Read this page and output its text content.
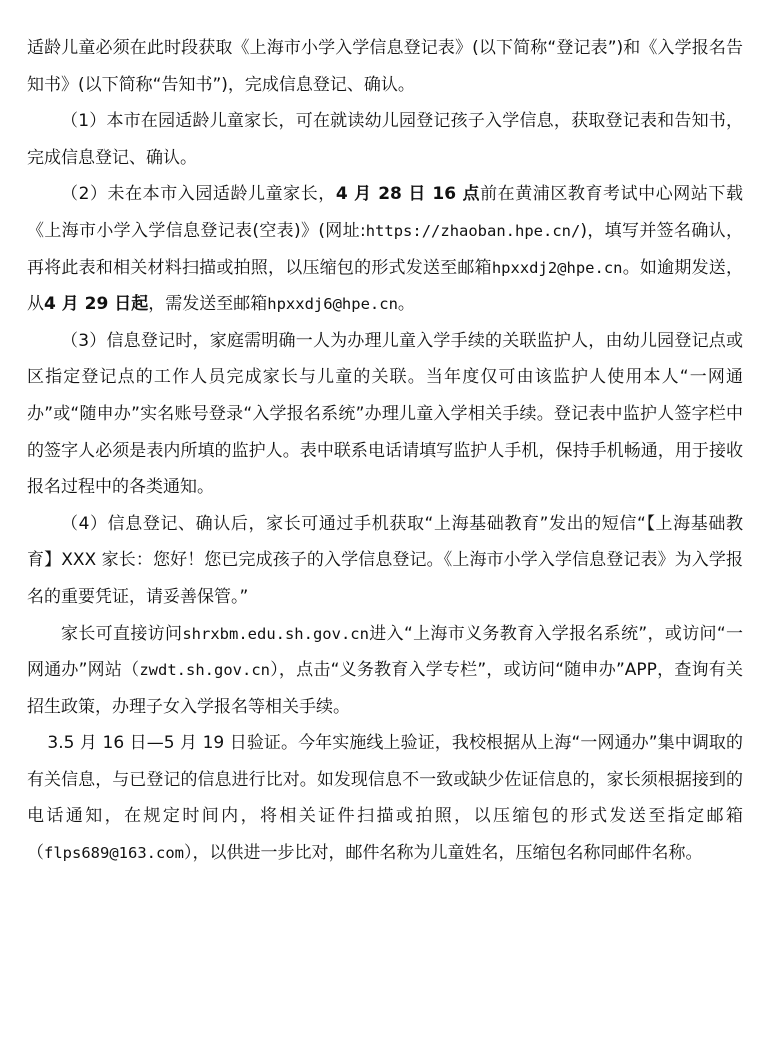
适龄儿童必须在此时段获取《上海市小学入学信息登记表》(以下简称“登记表”)和《入学报名告知书》(以下简称“告知书”)，完成信息登记、确认。

（1）本市在园适龄儿童家长，可在就读幼儿园登记孩子入学信息，获取登记表和告知书，完成信息登记、确认。

（2）未在本市入园适龄儿童家长，4 月 28 日 16 点前在黄浦区教育考试中心网站下载《上海市小学入学信息登记表(空表)》(网址:https://zhaoban.hpe.cn/)，填写并签名确认，再将此表和相关材料扫描或拍照，以压缩包的形式发送至邮箱hpxxdj2@hpe.cn。如逾期发送，从4 月 29 日起，需发送至邮箱hpxxdj6@hpe.cn。

（3）信息登记时，家庭需明确一人为办理儿童入学手续的关联监护人，由幼儿园登记点或区指定登记点的工作人员完成家长与儿童的关联。当年度仅可由该监护人使用本人“一网通办”或“随申办”实名账号登录“入学报名系统”办理儿童入学相关手续。登记表中监护人签字栏中的签字人必须是表内所填的监护人。表中联系电话请填写监护人手机，保持手机畅通，用于接收报名过程中的各类通知。

（4）信息登记、确认后，家长可通过手机获取“上海基础教育”发出的短信“【上海基础教育】XXX 家长：您好！您已完成孩子的入学信息登记。《上海市小学入学信息登记表》为入学报名的重要凭证，请妥善保管。”

家长可直接访问shrxbm.edu.sh.gov.cn进入“上海市义务教育入学报名系统”，或访问“一网通办”网站（zwdt.sh.gov.cn），点击“义务教育入学专栏”，或访问“随申办”APP，查询有关招生政策，办理子女入学报名等相关手续。

3.5 月 16 日—5 月 19 日验证。今年实施线上验证，我校根据从上海“一网通办”集中调取的有关信息，与已登记的信息进行比对。如发现信息不一致或缺少佐证信息的，家长须根据接到的电话通知，在规定时间内，将相关证件扫描或拍照，以压缩包的形式发送至指定邮箱（flps689@163.com），以供进一步比对，邮件名称为儿童姓名，压缩包名称同邮件名称。
